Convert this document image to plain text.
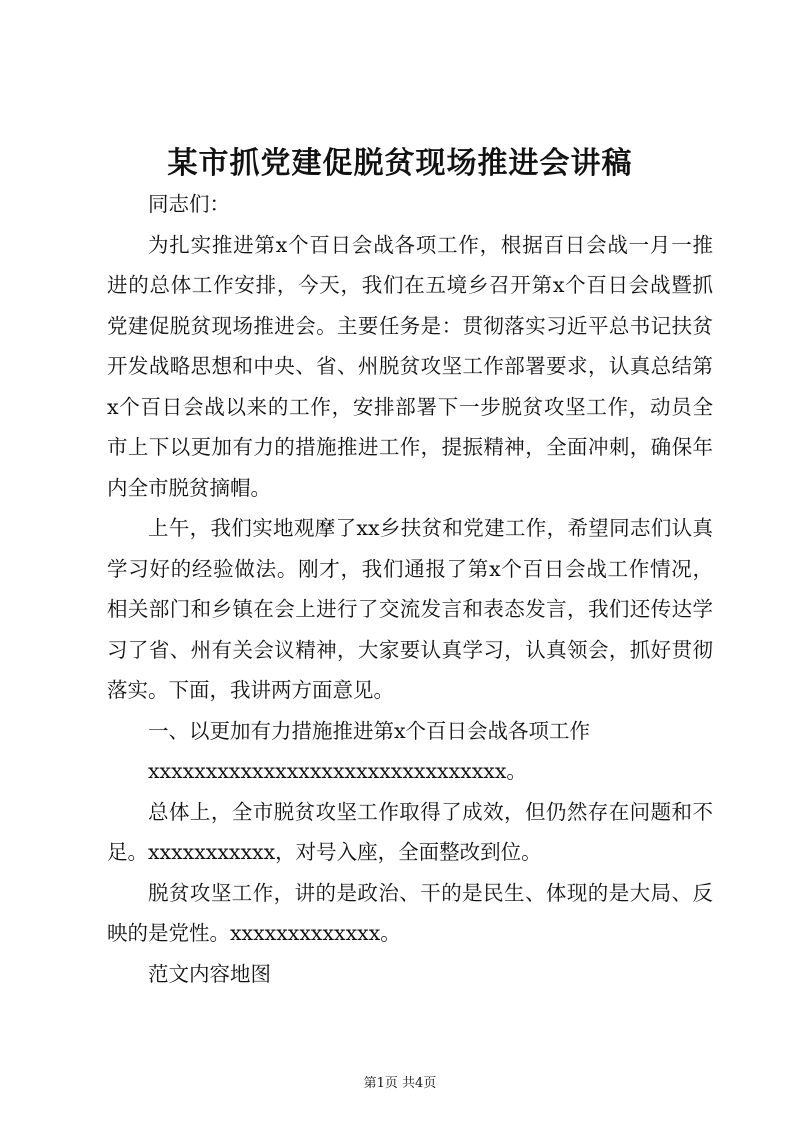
某市抓党建促脱贫现场推进会讲稿

同志们：

为扎实推进第x个百日会战各项工作，根据百日会战一月一推进的总体工作安排，今天，我们在五境乡召开第x个百日会战暨抓党建促脱贫现场推进会。主要任务是：贯彻落实习近平总书记扶贫开发战略思想和中央、省、州脱贫攻坚工作部署要求，认真总结第x个百日会战以来的工作，安排部署下一步脱贫攻坚工作，动员全市上下以更加有力的措施推进工作，提振精神，全面冲刺，确保年内全市脱贫摘帽。

上午，我们实地观摩了xx乡扶贫和党建工作，希望同志们认真学习好的经验做法。刚才，我们通报了第x个百日会战工作情况，相关部门和乡镇在会上进行了交流发言和表态发言，我们还传达学习了省、州有关会议精神，大家要认真学习，认真领会，抓好贯彻落实。下面，我讲两方面意见。

一、以更加有力措施推进第x个百日会战各项工作

xxxxxxxxxxxxxxxxxxxxxxxxxxxxxxx。

总体上，全市脱贫攻坚工作取得了成效，但仍然存在问题和不足。xxxxxxxxxxx，对号入座，全面整改到位。

脱贫攻坚工作，讲的是政治、干的是民生、体现的是大局、反映的是党性。xxxxxxxxxxxxx。

范文内容地图

第1页 共4页
